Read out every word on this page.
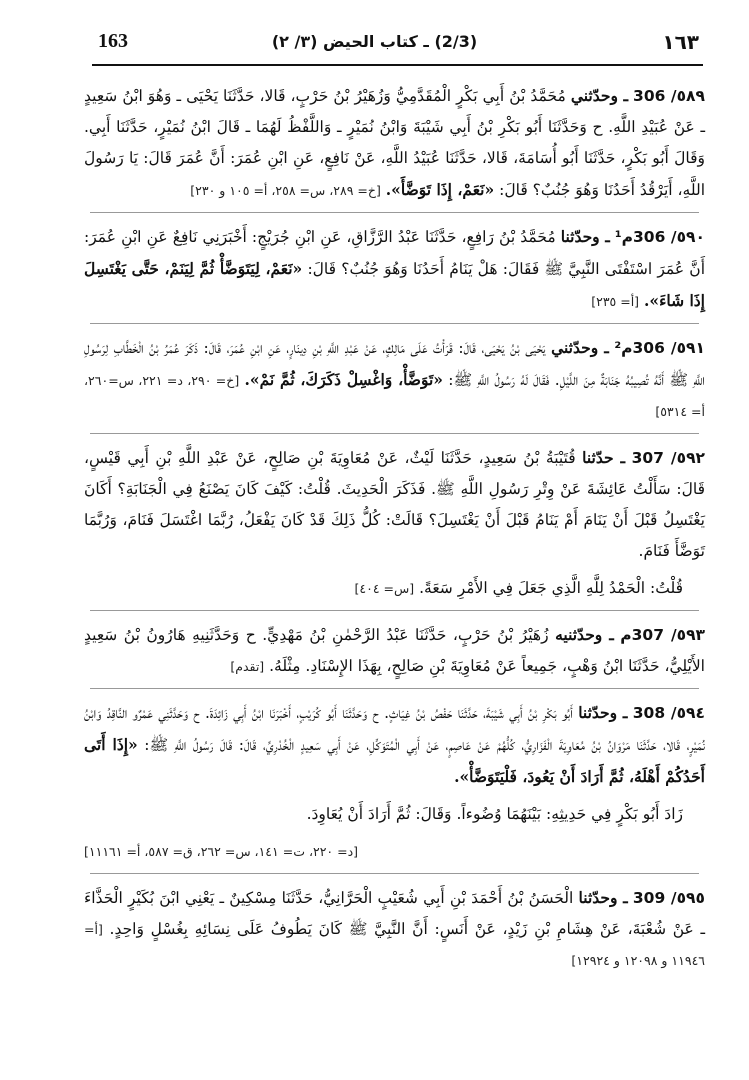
163	(2/3) ـ كتاب الحيض (٣/ ٢)	١٦٣

٥٨٩/ 306 ـ وحدّثني مُحَمَّدُ بْنُ أَبِي بَكْرٍ الْمُقَدَّمِيُّ وَزُهَيْرُ بْنُ حَرْبٍ، قَالا، حَدَّثَنَا يَحْيَى ـ وَهُوَ ابْنُ سَعِيدٍ ـ عَنْ عُبَيْدِ اللَّهِ. ح وَحَدَّثَنَا أَبُو بَكْرِ بْنُ أَبِي شَيْبَةَ وَابْنُ نُمَيْرٍ ـ وَاللَّفْظُ لَهُمَا ـ قَالَ ابْنُ نُمَيْرٍ، حَدَّثَنَا أَبِي. وَقَالَ أَبُو بَكْرٍ، حَدَّثَنَا أَبُو أُسَامَةَ، قَالا، حَدَّثَنَا عُبَيْدُ اللَّهِ، عَنْ نَافِعٍ، عَنِ ابْنِ عُمَرَ: أَنَّ عُمَرَ قَالَ: يَا رَسُولَ اللَّهِ، أَيَرْقُدُ أَحَدُنَا وَهُوَ جُنُبٌ؟ قَالَ: «نَعَمْ، إِذَا تَوَضَّأَ». [خ= ٢٨٩، س= ٢٥٨، أ= ١٠٥ و ٢٣٠]

٥٩٠/ 306م¹ ـ وحدّثنا مُحَمَّدُ بْنُ رَافِعٍ، حَدَّثَنَا عَبْدُ الرَّزَّاقِ، عَنِ ابْنِ جُرَيْجٍ: أَخْبَرَنِي نَافِعٌ عَنِ ابْنِ عُمَرَ: أَنَّ عُمَرَ اسْتَفْتَى النَّبِيَّ ﷺ فَقَالَ: هَلْ يَنَامُ أَحَدُنَا وَهُوَ جُنُبٌ؟ قَالَ: «نَعَمْ، لِيَتَوَضَّأْ ثُمَّ لِيَنَمْ، حَتَّى يَغْتَسِلَ إِذَا شَاءَ». [أ= ٢٣٥]

٥٩١/ 306م² ـ وحدّثني يَحْيَى بْنُ يَحْيَى، قَالَ: قَرَأْتُ عَلَى مَالِكٍ، عَنْ عَبْدِ اللَّهِ بْنِ دِينَارٍ، عَنِ ابْنِ عُمَرَ، قَالَ: ذَكَرَ عُمَرُ بْنُ الْخَطَّابِ لِرَسُولِ اللَّهِ ﷺ أَنَّهُ تُصِيبُهُ جَنَابَةٌ مِنَ اللَّيْلِ. فَقَالَ لَهُ رَسُولُ اللَّهِ ﷺ: «تَوَضَّأْ، وَاغْسِلْ ذَكَرَكَ، ثُمَّ نَمْ». [خ= ٢٩٠، د= ٢٢١، س=٢٦٠، أ= ٥٣١٤]

٥٩٢/ 307 ـ حدّثنا قُتَيْبَةُ بْنُ سَعِيدٍ، حَدَّثَنَا لَيْثٌ، عَنْ مُعَاوِيَةَ بْنِ صَالِحٍ، عَنْ عَبْدِ اللَّهِ بْنِ أَبِي قَيْسٍ، قَالَ: سَأَلْتُ عَائِشَةَ عَنْ وِتْرِ رَسُولِ اللَّهِ ﷺ. فَذَكَرَ الْحَدِيثَ. قُلْتُ: كَيْفَ كَانَ يَصْنَعُ فِي الْجَنَابَةِ؟ أَكَانَ يَغْتَسِلُ قَبْلَ أَنْ يَنَامَ أَمْ يَنَامُ قَبْلَ أَنْ يَغْتَسِلَ؟ قَالَتْ: كُلُّ ذَلِكَ قَدْ كَانَ يَفْعَلُ، رُبَّمَا اغْتَسَلَ فَنَامَ، وَرُبَّمَا تَوَضَّأَ فَنَامَ.

قُلْتُ: الْحَمْدُ لِلَّهِ الَّذِي جَعَلَ فِي الأَمْرِ سَعَةً. [س= ٤٠٤]

٥٩٣/ 307م ـ وحدّثنيه زُهَيْرُ بْنُ حَرْبٍ، حَدَّثَنَا عَبْدُ الرَّحْمٰنِ بْنُ مَهْدِيٍّ. ح وَحَدَّثَنِيهِ هَارُونُ بْنُ سَعِيدٍ الأَيْلِيُّ، حَدَّثَنَا ابْنُ وَهْبٍ، جَمِيعاً عَنْ مُعَاوِيَةَ بْنِ صَالِحٍ، بِهَذَا الإِسْنَادِ. مِثْلَهُ. [تقدم]

٥٩٤/ 308 ـ وحدّثنا أَبُو بَكْرِ بْنُ أَبِي شَيْبَةَ، حَدَّثَنَا حَفْصُ بْنُ غِيَاثٍ. ح وَحَدَّثَنَا أَبُو كُرَيْبٍ، أَخْبَرَنَا ابْنُ أَبِي زَائِدَةَ. ح وَحَدَّثَنِي عَمْرٌو النَّاقِدُ وَابْنُ نُمَيْرٍ، قَالا، حَدَّثَنَا مَرْوَانُ بْنُ مُعَاوِيَةَ الْفَزَارِيُّ، كُلُّهُمْ عَنْ عَاصِمٍ، عَنْ أَبِي الْمُتَوَكِّلِ، عَنْ أَبِي سَعِيدٍ الْخُدْرِيِّ، قَالَ: قَالَ رَسُولُ اللَّهِ ﷺ: «إِذَا أَتَى أَحَدُكُمْ أَهْلَهُ، ثُمَّ أَرَادَ أَنْ يَعُودَ، فَلْيَتَوَضَّأْ».

زَادَ أَبُو بَكْرٍ فِي حَدِيثِهِ: بَيْنَهُمَا وُضُوءاً. وَقَالَ: ثُمَّ أَرَادَ أَنْ يُعَاوِدَ.

[د= ٢٢٠، ت= ١٤١، س= ٢٦٢، ق= ٥٨٧، أ= ١١١٦١]

٥٩٥/ 309 ـ وحدّثنا الْحَسَنُ بْنُ أَحْمَدَ بْنِ أَبِي شُعَيْبٍ الْحَرَّانِيُّ، حَدَّثَنَا مِسْكِينٌ ـ يَعْنِي ابْنَ بُكَيْرٍ الْحَذَّاءَ ـ عَنْ شُعْبَةَ، عَنْ هِشَامِ بْنِ زَيْدٍ، عَنْ أَنَسٍ: أَنَّ النَّبِيَّ ﷺ كَانَ يَطُوفُ عَلَى نِسَائِهِ بِغُسْلٍ وَاحِدٍ. [أ= ١١٩٤٦ و ١٢٠٩٨ و ١٢٩٢٤]
